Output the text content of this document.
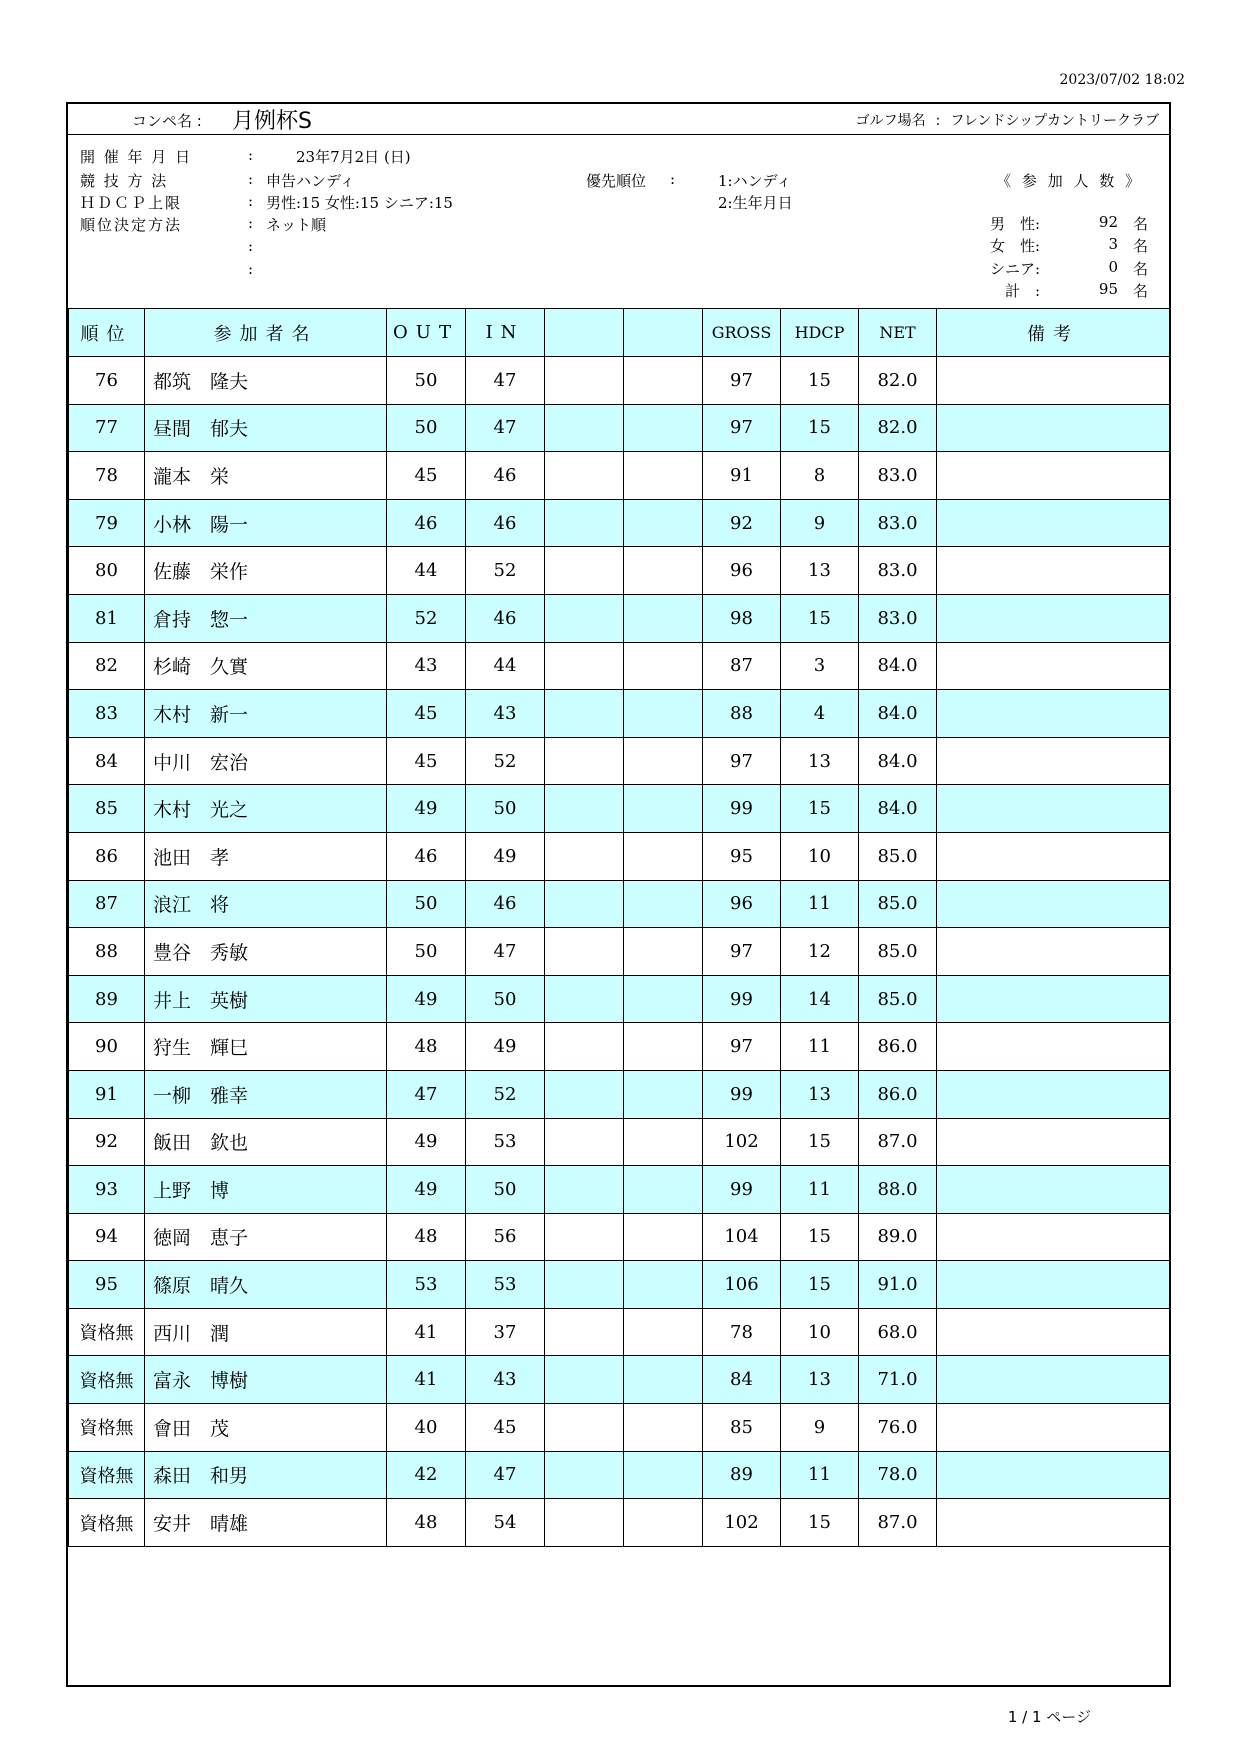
2023/07/02 18:02
コンペ名 : 月例杯S	ゴルフ場名 : フレンドシップカントリークラブ
開 催 年 月 日	: 　　23年7月2日 (日)
競 技 方 法	: 申告ハンディ
ＨＤＣＰ上限	: 男性:15 女性:15 シニア:15
順位決定方法	: ネット順
:
:
優先順位 :	1:ハンディ
2:生年月日
《 参 加 人 数 》
男　性:	92 名
女　性:	3 名
シニア:	0 名
　計　:	95 名
順位	参加者名	OUT	IN			GROSS	HDCP	NET	備考
76	都筑　隆夫	50	47			97	15	82.0	
77	昼間　郁夫	50	47			97	15	82.0	
78	瀧本　栄	45	46			91	8	83.0	
79	小林　陽一	46	46			92	9	83.0	
80	佐藤　栄作	44	52			96	13	83.0	
81	倉持　惣一	52	46			98	15	83.0	
82	杉崎　久實	43	44			87	3	84.0	
83	木村　新一	45	43			88	4	84.0	
84	中川　宏治	45	52			97	13	84.0	
85	木村　光之	49	50			99	15	84.0	
86	池田　孝	46	49			95	10	85.0	
87	浪江　将	50	46			96	11	85.0	
88	豊谷　秀敏	50	47			97	12	85.0	
89	井上　英樹	49	50			99	14	85.0	
90	狩生　輝巳	48	49			97	11	86.0	
91	一柳　雅幸	47	52			99	13	86.0	
92	飯田　欽也	49	53			102	15	87.0	
93	上野　博	49	50			99	11	88.0	
94	徳岡　恵子	48	56			104	15	89.0	
95	篠原　晴久	53	53			106	15	91.0	
資格無	西川　潤	41	37			78	10	68.0	
資格無	富永　博樹	41	43			84	13	71.0	
資格無	會田　茂	40	45			85	9	76.0	
資格無	森田　和男	42	47			89	11	78.0	
資格無	安井　晴雄	48	54			102	15	87.0	
1 / 1 ページ
